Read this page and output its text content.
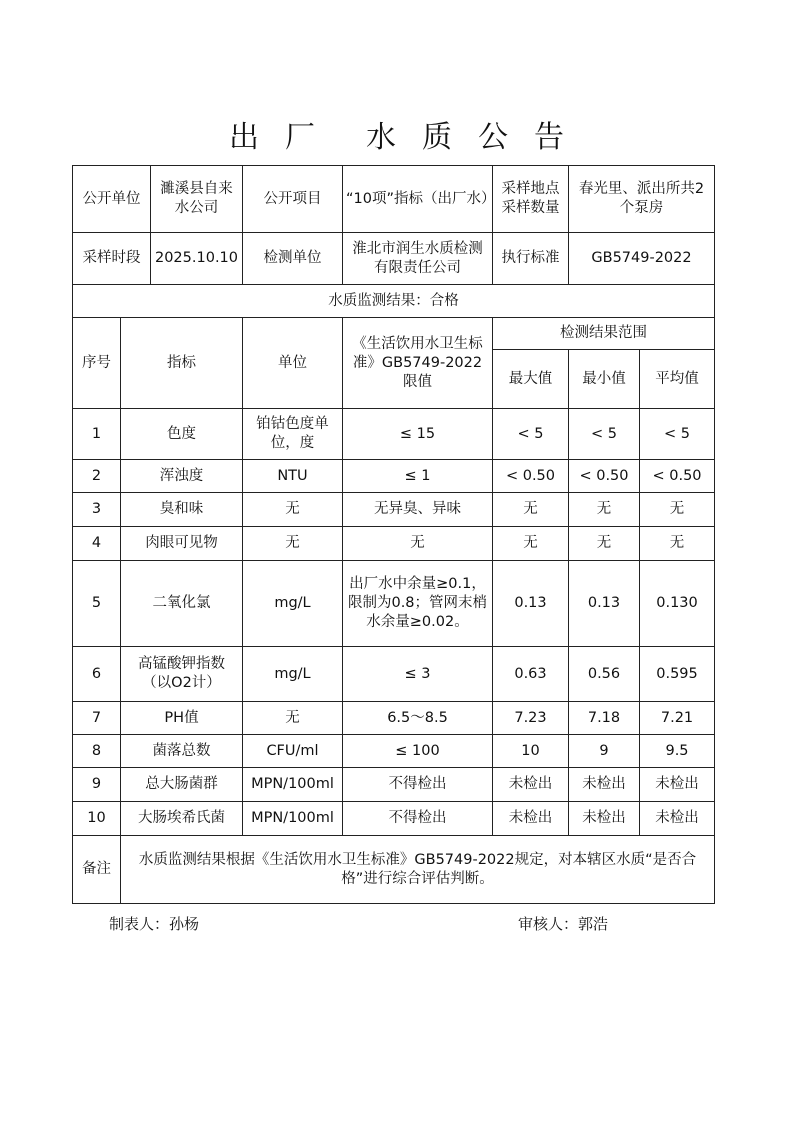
出 厂 水 质 公 告
公开单位		濉溪县自来水公司	公开项目	“10项”指标（出厂水）	采样地点采样数量	春光里、派出所共2个泵房	
采样时段		2025.10.10	检测单位	淮北市润生水质检测有限责任公司	执行标准	GB5749-2022	
水质监测结果：合格							
序号	指标		单位	《生活饮用水卫生标准》GB5749-2022限值	检测结果范围		
					最大值	最小值	平均值
1	色度		铂钴色度单位，度	≤ 15	< 5	< 5	< 5
2	浑浊度		NTU	≤ 1	< 0.50	< 0.50	< 0.50
3	臭和味		无	无异臭、异味	无	无	无
4	肉眼可见物		无	无	无	无	无
5	二氧化氯		mg/L	出厂水中余量≥0.1，限制为0.8；管网末梢水余量≥0.02。	0.13	0.13	0.130
6	高锰酸钾指数（以O2计）		mg/L	≤ 3	0.63	0.56	0.595
7	PH值		无	6.5～8.5	7.23	7.18	7.21
8	菌落总数		CFU/ml	≤ 100	10	9	9.5
9	总大肠菌群		MPN/100ml	不得检出	未检出	未检出	未检出
10	大肠埃希氏菌		MPN/100ml	不得检出	未检出	未检出	未检出
备注	水质监测结果根据《生活饮用水卫生标准》GB5749-2022规定，对本辖区水质“是否合格”进行综合评估判断。						
制表人：孙杨	审核人：郭浩
